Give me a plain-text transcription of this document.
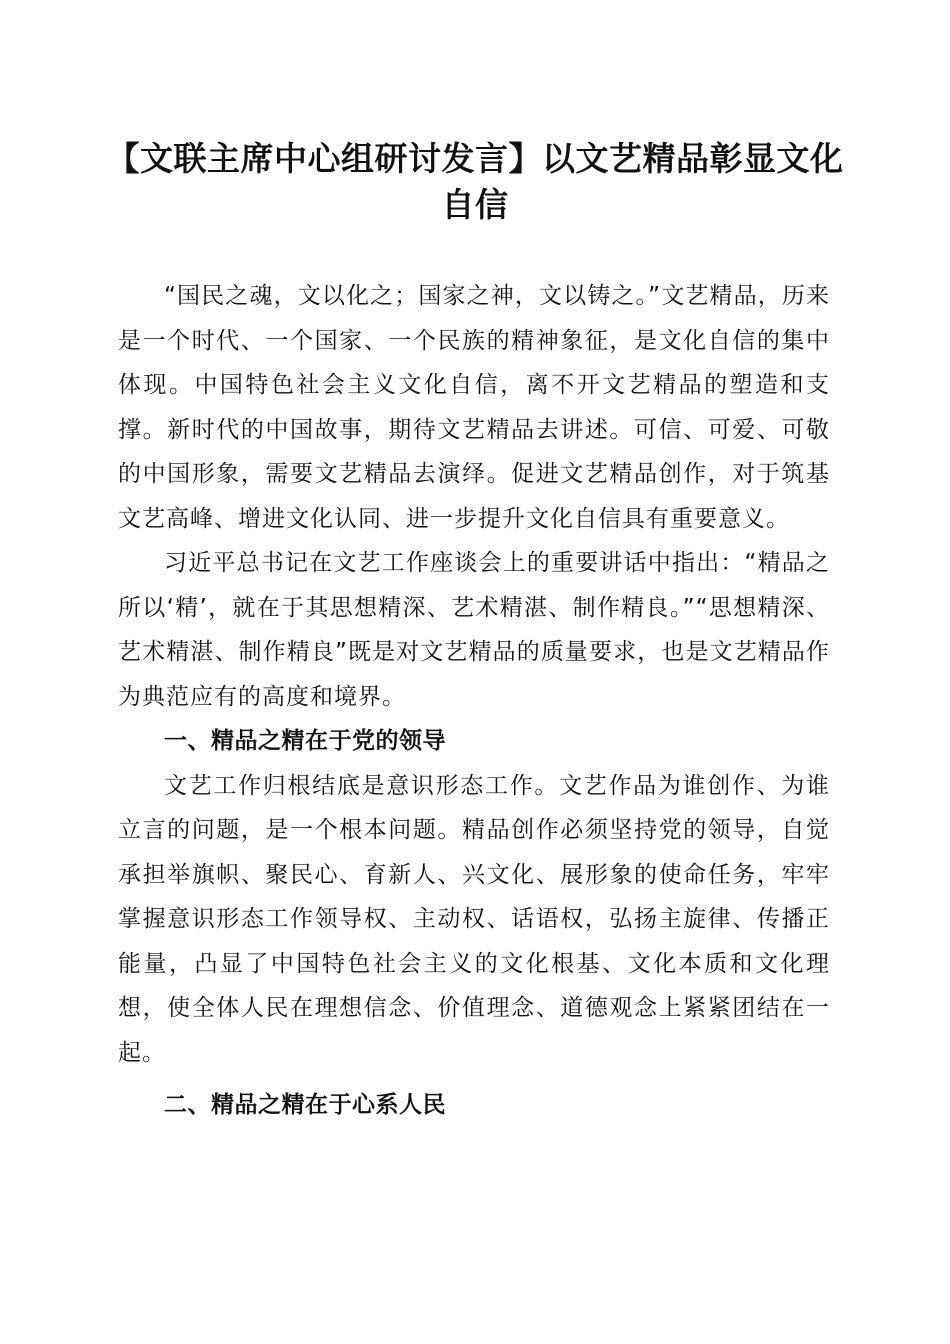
【文联主席中心组研讨发言】以文艺精品彰显文化自信

“国民之魂，文以化之；国家之神，文以铸之。”文艺精品，历来是一个时代、一个国家、一个民族的精神象征，是文化自信的集中体现。中国特色社会主义文化自信，离不开文艺精品的塑造和支撑。新时代的中国故事，期待文艺精品去讲述。可信、可爱、可敬的中国形象，需要文艺精品去演绎。促进文艺精品创作，对于筑基文艺高峰、增进文化认同、进一步提升文化自信具有重要意义。

习近平总书记在文艺工作座谈会上的重要讲话中指出：“精品之所以‘精’，就在于其思想精深、艺术精湛、制作精良。”“思想精深、艺术精湛、制作精良”既是对文艺精品的质量要求，也是文艺精品作为典范应有的高度和境界。

一、精品之精在于党的领导

文艺工作归根结底是意识形态工作。文艺作品为谁创作、为谁立言的问题，是一个根本问题。精品创作必须坚持党的领导，自觉承担举旗帜、聚民心、育新人、兴文化、展形象的使命任务，牢牢掌握意识形态工作领导权、主动权、话语权，弘扬主旋律、传播正能量，凸显了中国特色社会主义的文化根基、文化本质和文化理想，使全体人民在理想信念、价值理念、道德观念上紧紧团结在一起。

二、精品之精在于心系人民
